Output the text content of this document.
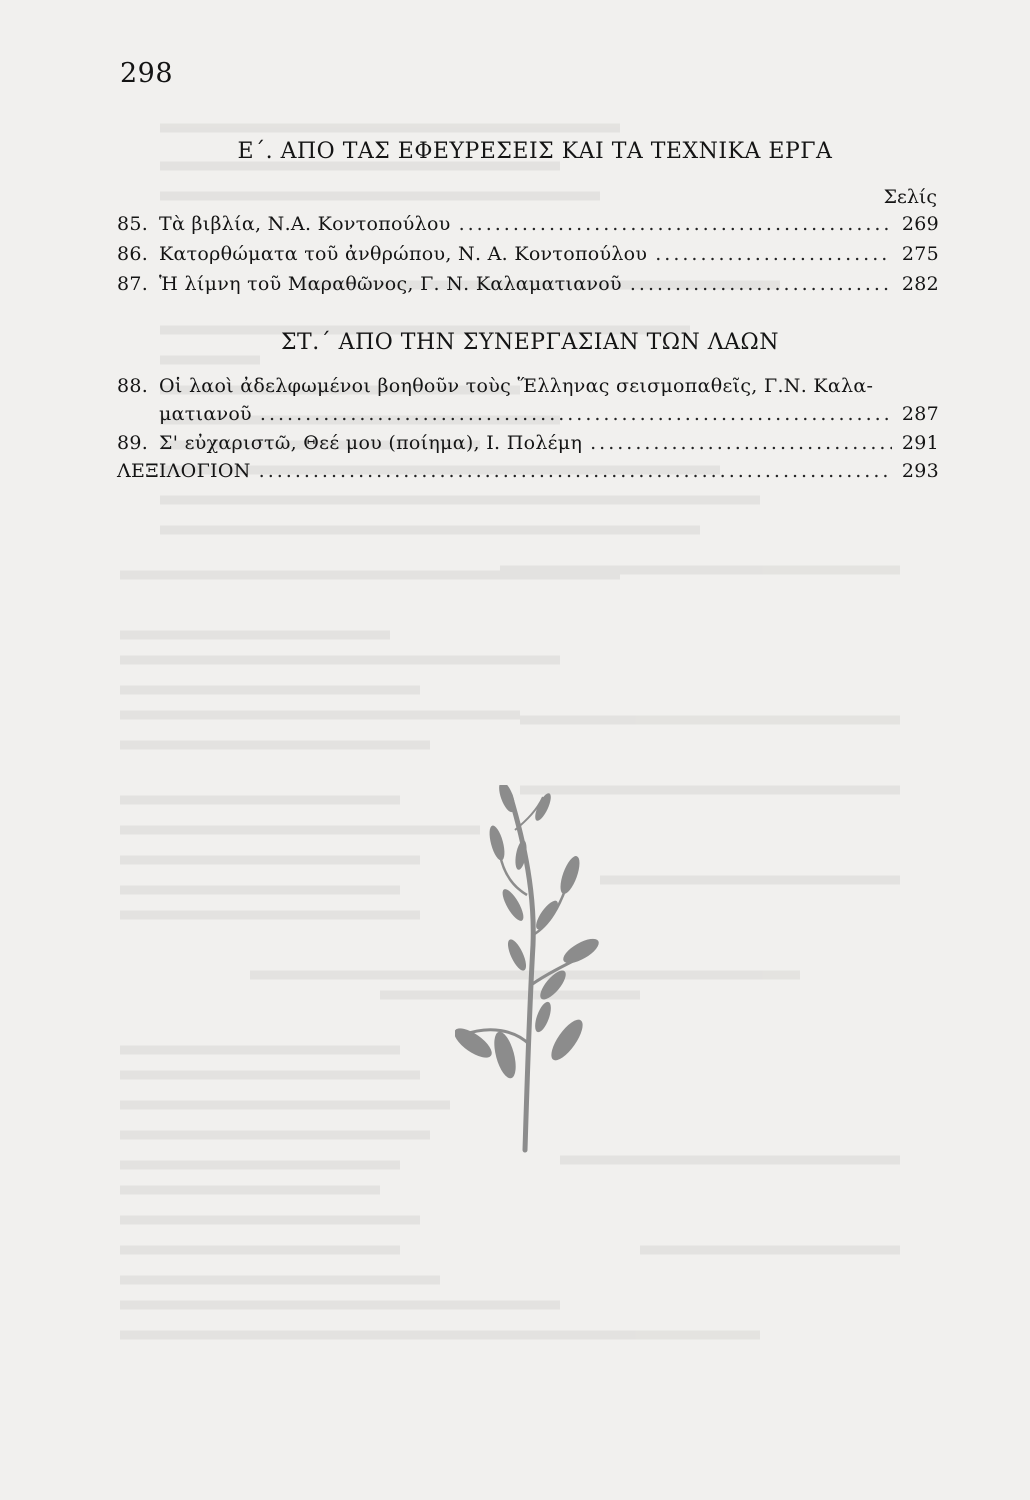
298
Ε΄. ΑΠΟ ΤΑΣ ΕΦΕΥΡΕΣΕΙΣ ΚΑΙ ΤΑ ΤΕΧΝΙΚΑ ΕΡΓΑ
Σελίς
85. Τὰ βιβλία, Ν.Α. Κοντοπούλου .....	269
86. Κατορθώματα τοῦ ἀνθρώπου, Ν. Α. Κοντοπούλου .....	275
87. Ἡ λίμνη τοῦ Μαραθῶνος, Γ. Ν. Καλαματιανοῦ .....	282
ΣΤ.΄ ΑΠΟ ΤΗΝ ΣΥΝΕΡΓΑΣΙΑΝ ΤΩΝ ΛΑΩΝ
88. Οἱ λαοὶ ἀδελφωμένοι βοηθοῦν τοὺς Ἕλληνας σεισμοπαθεῖς, Γ.Ν. Καλα-
ματιανοῦ .....	287
89. Σ' εὐχαριστῶ, Θεέ μου (ποίημα), Ι. Πολέμη .....	291
ΛΕΞΙΛΟΓΙΟΝ .....	293
